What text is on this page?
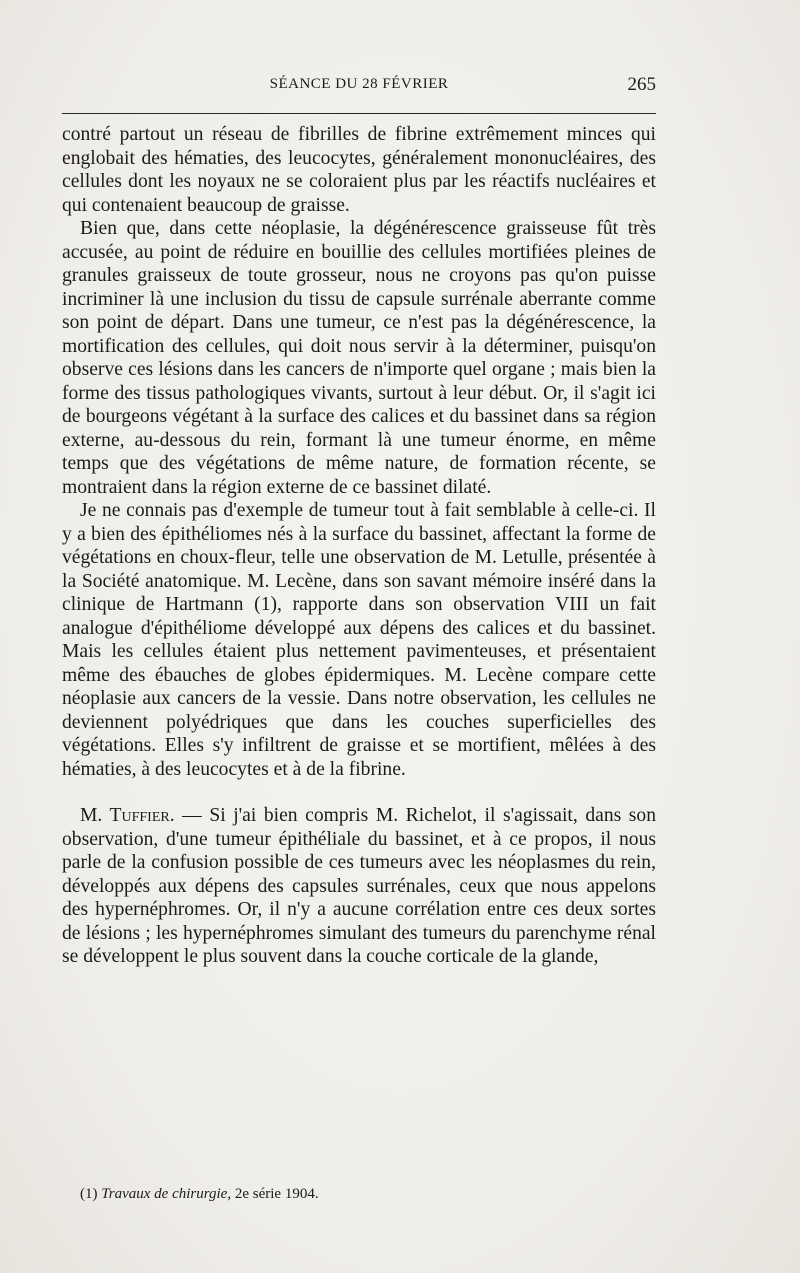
SÉANCE DU 28 FÉVRIER	265

contré partout un réseau de fibrilles de fibrine extrêmement minces qui englobait des hématies, des leucocytes, généralement mononucléaires, des cellules dont les noyaux ne se coloraient plus par les réactifs nucléaires et qui contenaient beaucoup de graisse.

Bien que, dans cette néoplasie, la dégénérescence graisseuse fût très accusée, au point de réduire en bouillie des cellules mortifiées pleines de granules graisseux de toute grosseur, nous ne croyons pas qu'on puisse incriminer là une inclusion du tissu de capsule surrénale aberrante comme son point de départ. Dans une tumeur, ce n'est pas la dégénérescence, la mortification des cellules, qui doit nous servir à la déterminer, puisqu'on observe ces lésions dans les cancers de n'importe quel organe ; mais bien la forme des tissus pathologiques vivants, surtout à leur début. Or, il s'agit ici de bourgeons végétant à la surface des calices et du bassinet dans sa région externe, au-dessous du rein, formant là une tumeur énorme, en même temps que des végétations de même nature, de formation récente, se montraient dans la région externe de ce bassinet dilaté.

Je ne connais pas d'exemple de tumeur tout à fait semblable à celle-ci. Il y a bien des épithéliomes nés à la surface du bassinet, affectant la forme de végétations en choux-fleur, telle une observation de M. Letulle, présentée à la Société anatomique. M. Lecène, dans son savant mémoire inséré dans la clinique de Hartmann (1), rapporte dans son observation VIII un fait analogue d'épithéliome développé aux dépens des calices et du bassinet. Mais les cellules étaient plus nettement pavimenteuses, et présentaient même des ébauches de globes épidermiques. M. Lecène compare cette néoplasie aux cancers de la vessie. Dans notre observation, les cellules ne deviennent polyédriques que dans les couches superficielles des végétations. Elles s'y infiltrent de graisse et se mortifient, mêlées à des hématies, à des leucocytes et à de la fibrine.

M. Tuffier. — Si j'ai bien compris M. Richelot, il s'agissait, dans son observation, d'une tumeur épithéliale du bassinet, et à ce propos, il nous parle de la confusion possible de ces tumeurs avec les néoplasmes du rein, développés aux dépens des capsules surrénales, ceux que nous appelons des hypernéphromes. Or, il n'y a aucune corrélation entre ces deux sortes de lésions ; les hypernéphromes simulant des tumeurs du parenchyme rénal se développent le plus souvent dans la couche corticale de la glande,

(1) Travaux de chirurgie, 2e série 1904.
